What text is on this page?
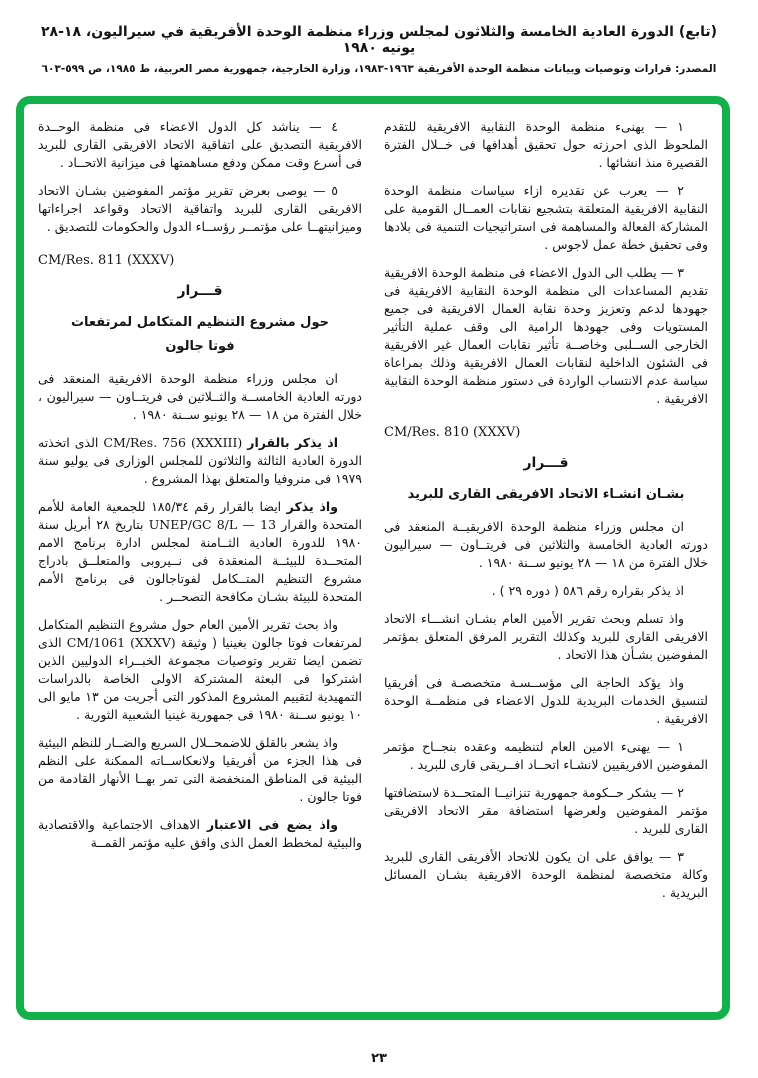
(تابع) الدورة العادية الخامسة والثلاثون لمجلس وزراء منظمة الوحدة الأفريقية في سيراليون، ١٨-٢٨ يونيه ١٩٨٠
المصدر: قرارات وتوصيات وبيانات منظمة الوحدة الأفريقية ١٩٦٣-١٩٨٣، وزارة الخارجية، جمهورية مصر العربية، ط ١٩٨٥، ص ٥٩٩-٦٠٣

١ — يهنىء منظمة الوحدة النقابية الافريقية للتقدم الملحوظ الذى احرزته حول تحقيق أهدافها فى خــلال الفترة القصيرة منذ انشائها .

٢ — يعرب عن تقديره ازاء سياسات منظمة الوحدة النقابية الافريقية المتعلقة بتشجيع نقابات العمــال القومية على المشاركة الفعالة والمساهمة فى استراتيجيات التنمية فى بلادها وفى تحقيق خطة عمل لاجوس .

٣ — يطلب الى الدول الاعضاء فى منظمة الوحدة الافريقية تقديم المساعدات الى منظمة الوحدة النقابية الافريقية فى جهودها لدعم وتعزيز وحدة نقابة العمال الافريقية فى جميع المستويات وفى جهودها الرامية الى وقف عملية التأثير الخارجى الســلبى وخاصــة تأثير نقابات العمال غير الافريقية فى الشئون الداخلية لنقابات العمال الافريقية وذلك بمراعاة سياسة عدم الانتساب الواردة فى دستور منظمة الوحدة النقابية الافريقية .

CM/Res. 810 (XXXV)
قـــرار
بشـان انشـاء الاتحاد الافريقى القارى للبريد

ان مجلس وزراء منظمة الوحدة الافريقيــة المنعقد فى دورته العادية الخامسة والثلاثين فى فريتــاون — سيراليون خلال الفترة من ١٨ — ٢٨ يونيو ســنة ١٩٨٠ .

اذ يذكر بقراره رقم ٥٨٦ ( دوره ٢٩ ) .

واذ تسلم وبحث تقرير الأمين العام بشـان انشـــاء الاتحاد الافريقى القارى للبريد وكذلك التقرير المرفق المتعلق بمؤتمر المفوضين بشـأن هذا الاتحاد .

واذ يؤكد الحاجة الى مؤســسـة متخصصـة فى أفريقيا لتنسيق الخدمات البريدية للدول الاعضاء فى منظمــة الوحدة الافريقية .

١ — يهنىء الامين العام لتنظيمه وعقده بنجــاح مؤتمر المفوضين الافريقيين لانشـاء اتحــاد افــريقى قارى للبريد .

٢ — يشكر حــكومة جمهورية تنزانيــا المتحــدة لاستضافتها مؤتمر المفوضين ولعرضها استضافة مقر الاتحاد الافريقى القارى للبريد .

٣ — يوافق على ان يكون للاتحاد الأفريقى القارى للبريد وكالة متخصصة لمنظمة الوحدة الافريقية بشـان المسائل البريدية .

٤ — يناشد كل الدول الاعضاء فى منظمة الوحــدة الافريقية التصديق على اتفاقية الاتحاد الافريقى القارى للبريد فى أسرع وقت ممكن ودفع مساهمتها فى ميزانية الاتحــاد .

٥ — يوصى بعرض تقرير مؤتمر المفوضين بشـان الاتحاد الافريقى القارى للبريد واتفاقية الاتحاد وقواعد اجراءاتها وميزانيتهــا على مؤتمــر رؤســاء الدول والحكومات للتصديق .

CM/Res. 811 (XXXV)
قـــرار
حول مشروع التنظيم المتكامل لمرتفعات
فوتا جالون

ان مجلس وزراء منظمة الوحدة الافريقية المنعقد فى دورته العادية الخامســة والثــلاثين فى فريتــاون — سيراليون ، خلال الفترة من ١٨ — ٢٨ يونيو ســنة ١٩٨٠ .

اذ يذكر بالقرار CM/Res. 756 (XXXIII) الذى اتخذته الدورة العادية الثالثة والثلاثون للمجلس الوزارى فى يوليو سنة ١٩٧٩ فى منروفيا والمتعلق بهذا المشروع .

واذ يذكر ايضا بالقرار رقم ١٨٥/٣٤ للجمعية العامة للأمم المتحدة والقرار UNEP/GC 8/L — 13 بتاريخ ٢٨ أبريل سنة ١٩٨٠ للدورة العادية الثــامنة لمجلس ادارة برنامج الامم المتحــدة للبيئــة المنعقدة فى نــيروبى والمتعلــق بادراج مشروع التنظيم المتــكامل لفوتاجالون فى برنامج الأمم المتحدة للبيئة بشـان مكافحة التصحــر .

واذ بحث تقرير الأمين العام حول مشروع التنظيم المتكامل لمرتفعات فوتا جالون بغينيا ( وثيقة CM/1061 (XXXV) الذى تضمن ايضا تقرير وتوصيات مجموعة الخبــراء الدوليين الذين اشتركوا فى البعثة المشتركة الاولى الخاصة بالدراسات التمهيدية لتقييم المشروع المذكور التى أجريت من ١٣ مايو الى ١٠ يونيو ســنة ١٩٨٠ فى جمهورية غينيا الشعبية الثورية .

واذ يشعر بالقلق للاضمحــلال السريع والضــار للنظم البيئية فى هذا الجزء من أفريقيا ولانعكاســاته الممكنة على النظم البيئية فى المناطق المنخفضة التى تمر بهــا الأنهار القادمة من فوتا جالون .

واذ يضع فى الاعتبار الاهداف الاجتماعية والاقتصادية والبيئية لمخطط العمل الذى وافق عليه مؤتمر القمــة

٢٣
